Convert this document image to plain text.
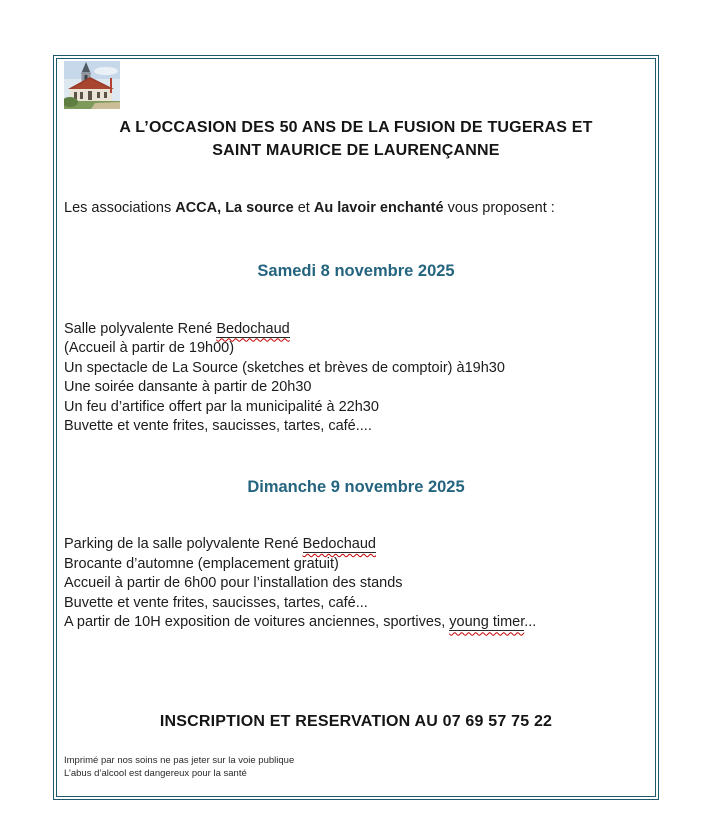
A L’OCCASION DES 50 ANS DE LA FUSION DE TUGERAS ET
SAINT MAURICE DE LAURENÇANNE

Les associations ACCA, La source et Au lavoir enchanté vous proposent :

Samedi 8 novembre 2025

Salle polyvalente René Bedochaud

(Accueil à partir de 19h00)

Un spectacle de La Source (sketches et brèves de comptoir) à19h30

Une soirée dansante à partir de 20h30

Un feu d’artifice offert par la municipalité à 22h30

Buvette et vente frites, saucisses, tartes, café....

Dimanche 9 novembre 2025

Parking de la salle polyvalente René Bedochaud

Brocante d’automne (emplacement gratuit)

Accueil à partir de 6h00 pour l’installation des stands

Buvette et vente frites, saucisses, tartes, café...

A partir de 10H exposition de voitures anciennes, sportives, young timer...

INSCRIPTION ET RESERVATION AU 07 69 57 75 22

Imprimé par nos soins ne pas jeter sur la voie publique

L’abus d’alcool est dangereux pour la santé
